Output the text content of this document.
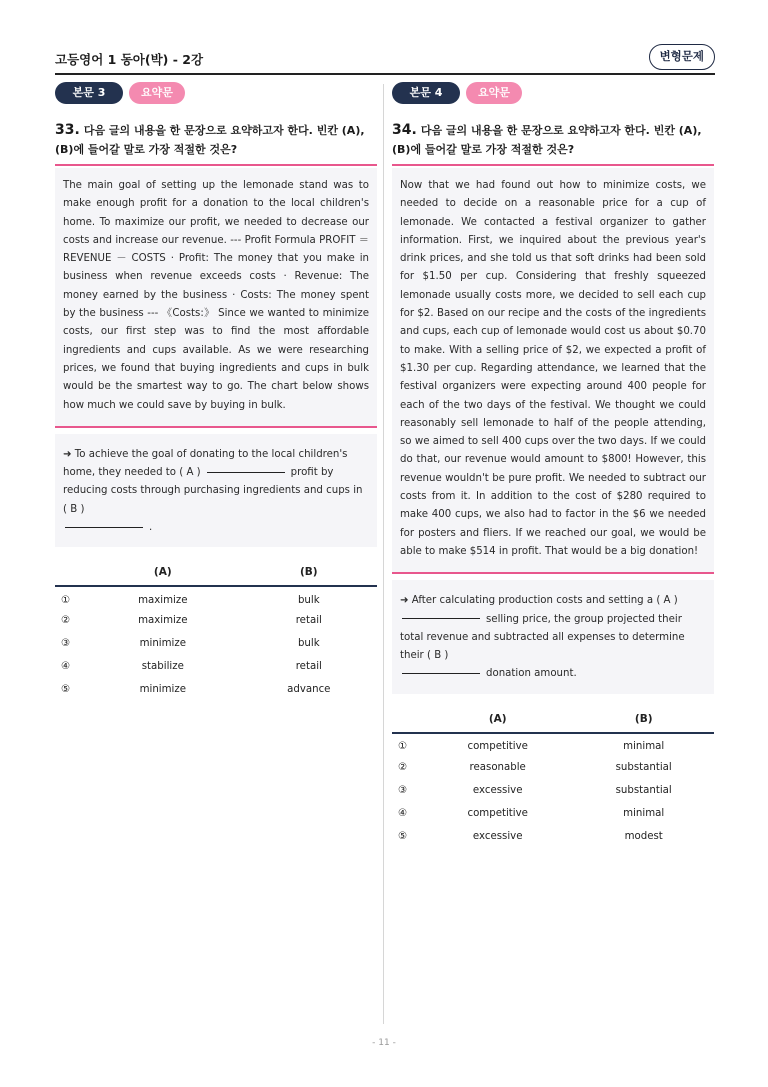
고등영어 1 동아(박) - 2강	변형문제
본문 3	요약문
33. 다음 글의 내용을 한 문장으로 요약하고자 한다. 빈칸 (A), (B)에 들어갈 말로 가장 적절한 것은?
The main goal of setting up the lemonade stand was to make enough profit for a donation to the local children's home. To maximize our profit, we needed to decrease our costs and increase our revenue. --- Profit Formula PROFIT ＝ REVENUE － COSTS · Profit: The money that you make in business when revenue exceeds costs · Revenue: The money earned by the business · Costs: The money spent by the business --- 《Costs:》 Since we wanted to minimize costs, our first step was to find the most affordable ingredients and cups available. As we were researching prices, we found that buying ingredients and cups in bulk would be the smartest way to go. The chart below shows how much we could save by buying in bulk.
➜ To achieve the goal of donating to the local children's home, they needed to ( A )	profit by reducing costs through purchasing ingredients and cups in ( B )
.
	(A)	(B)
①	maximize	bulk
②	maximize	retail
③	minimize	bulk
④	stabilize	retail
⑤	minimize	advance
본문 4	요약문
34. 다음 글의 내용을 한 문장으로 요약하고자 한다. 빈칸 (A), (B)에 들어갈 말로 가장 적절한 것은?
Now that we had found out how to minimize costs, we needed to decide on a reasonable price for a cup of lemonade. We contacted a festival organizer to gather information. First, we inquired about the previous year's drink prices, and she told us that soft drinks had been sold for $1.50 per cup. Considering that freshly squeezed lemonade usually costs more, we decided to sell each cup for $2. Based on our recipe and the costs of the ingredients and cups, each cup of lemonade would cost us about $0.70 to make. With a selling price of $2, we expected a profit of $1.30 per cup. Regarding attendance, we learned that the festival organizers were expecting around 400 people for each of the two days of the festival. We thought we could reasonably sell lemonade to half of the people attending, so we aimed to sell 400 cups over the two days. If we could do that, our revenue would amount to $800! However, this revenue wouldn't be pure profit. We needed to subtract our costs from it. In addition to the cost of $280 required to make 400 cups, we also had to factor in the $6 we needed for posters and fliers. If we reached our goal, we would be able to make $514 in profit. That would be a big donation!
➜ After calculating production costs and setting a ( A )
selling price, the group projected their total revenue and subtracted all expenses to determine their ( B )
donation amount.
	(A)	(B)
①	competitive	minimal
②	reasonable	substantial
③	excessive	substantial
④	competitive	minimal
⑤	excessive	modest
- 11 -
